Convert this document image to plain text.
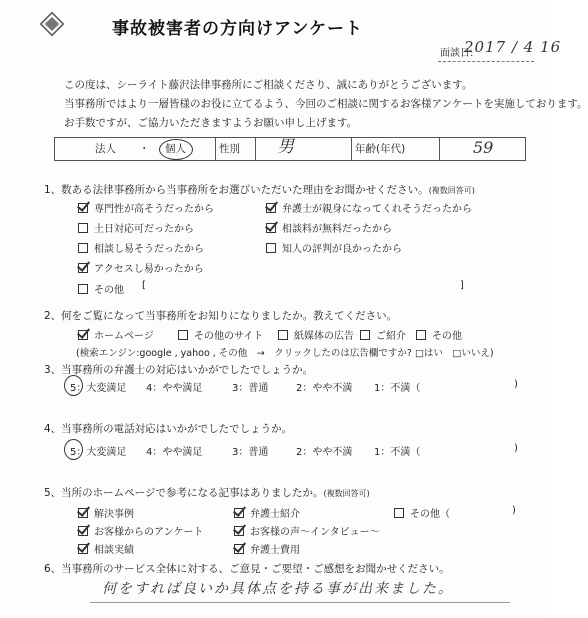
事故被害者の方向けアンケート
面談日:
2017 / 4 16
この度は、シーライト藤沢法律事務所にご相談くださり、誠にありがとうございます。
当事務所ではより一層皆様のお役に立てるよう、今回のご相談に関するお客様アンケートを実施しております。
お手数ですが、ご協力いただきますようお願い申し上げます。
法人 ・ 個人	性別	男	年齢(年代)	59
1、数ある法律事務所から当事務所をお選びいただいた理由をお聞かせください。(複数回答可)
専門性が高そうだったから	弁護士が親身になってくれそうだったから
土日対応可だったから	相談料が無料だったから
相談し易そうだったから	知人の評判が良かったから
アクセスし易かったから
その他 [	]
2、何をご覧になって当事務所をお知りになりましたか。教えてください。
ホームページ	その他のサイト	紙媒体の広告	ご紹介	その他
(検索エンジン:google , yahoo , その他　→　クリックしたのは広告欄ですか? □はい　□いいえ)
3、当事務所の弁護士の対応はいかがでしたでしょうか。
5：大変満足 4：やや満足	3：普通	2：やや不満 1：不満（	)
4、当事務所の電話対応はいかがでしたでしょうか。
5：大変満足 4：やや満足	3：普通	2：やや不満 1：不満（	)
5、当所のホームページで参考になる記事はありましたか。(複数回答可)
解決事例	弁護士紹介	その他（	)
お客様からのアンケート	お客様の声〜インタビュー〜
相談実績	弁護士費用
6、当事務所のサービス全体に対する、ご意見・ご要望・ご感想をお聞かせください。
何をすれば良いか具体点を持る事が出来ました。
